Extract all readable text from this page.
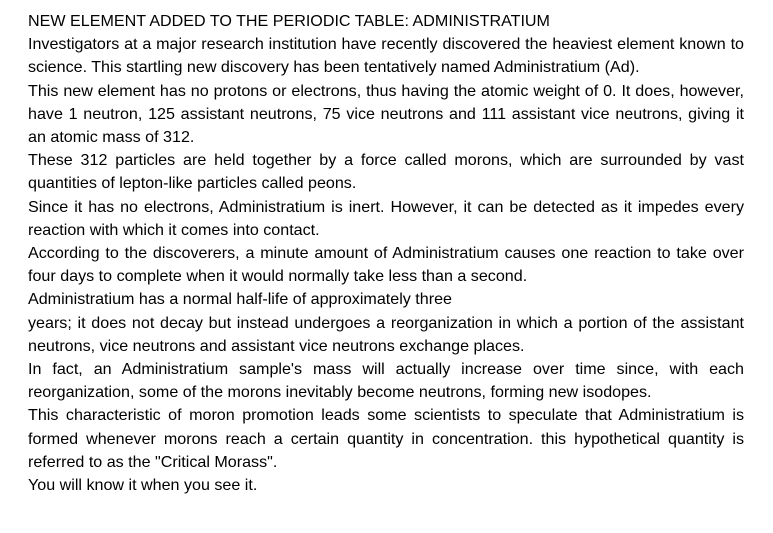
NEW ELEMENT ADDED TO THE PERIODIC TABLE: ADMINISTRATIUM

Investigators at a major research institution have recently discovered the heaviest element known to science. This startling new discovery has been tentatively named Administratium (Ad).

This new element has no protons or electrons, thus having the atomic weight of 0. It does, however, have 1 neutron, 125 assistant neutrons, 75 vice neutrons and 111 assistant vice neutrons, giving it an atomic mass of 312.

These 312 particles are held together by a force called morons, which are surrounded by vast quantities of lepton-like particles called peons.

Since it has no electrons, Administratium is inert. However, it can be detected as it impedes every reaction with which it comes into contact.

According to the discoverers, a minute amount of Administratium causes one reaction to take over four days to complete when it would normally take less than a second.

Administratium has a normal half-life of approximately three

years; it does not decay but instead undergoes a reorganization in which a portion of the assistant neutrons, vice neutrons and assistant vice neutrons exchange places.

In fact, an Administratium sample's mass will actually increase over time since, with each reorganization, some of the morons inevitably become neutrons, forming new isodopes.

This characteristic of moron promotion leads some scientists to speculate that Administratium is formed whenever morons reach a certain quantity in concentration. this hypothetical quantity is referred to as the "Critical Morass".

You will know it when you see it.
